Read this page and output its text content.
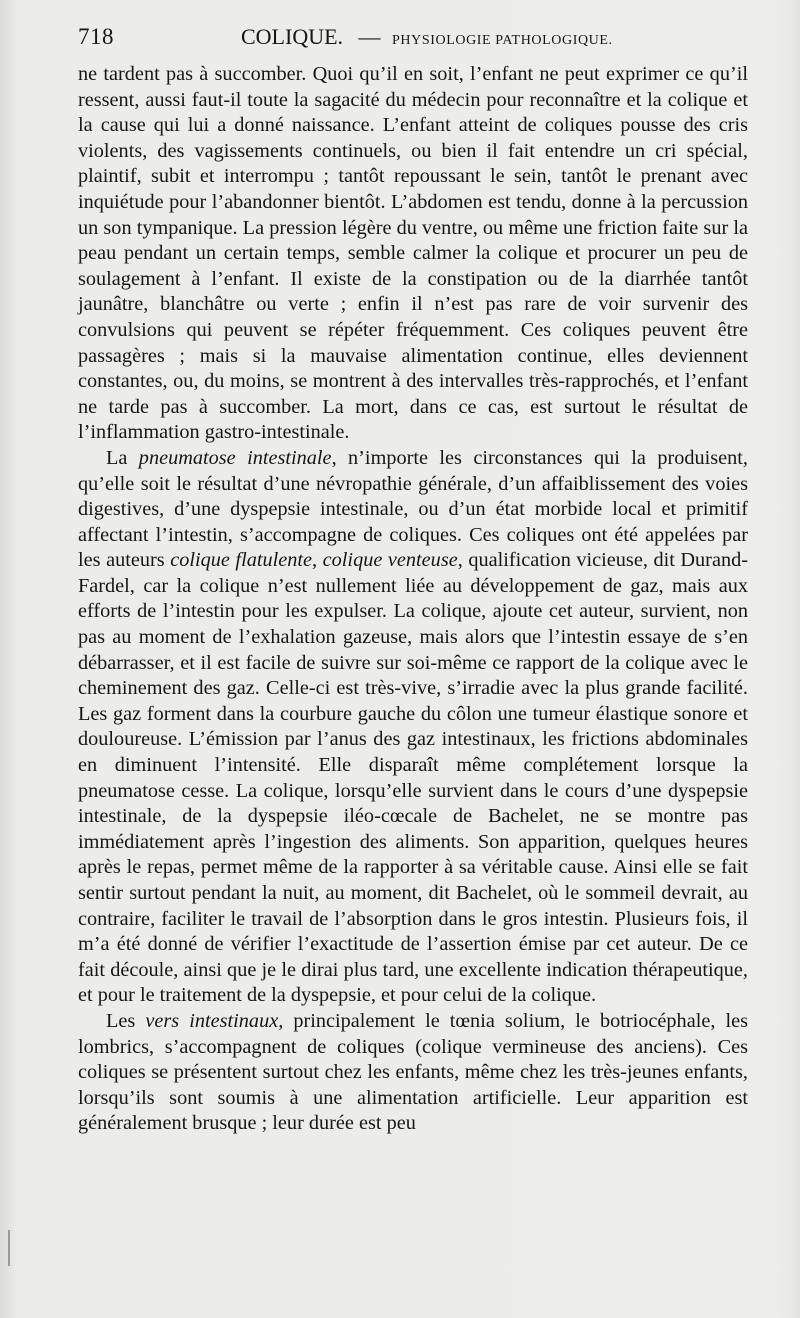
718	COLIQUE. — PHYSIOLOGIE PATHOLOGIQUE.

ne tardent pas à succomber. Quoi qu’il en soit, l’enfant ne peut exprimer ce qu’il ressent, aussi faut-il toute la sagacité du médecin pour reconnaître et la colique et la cause qui lui a donné naissance. L’enfant atteint de coliques pousse des cris violents, des vagissements continuels, ou bien il fait entendre un cri spécial, plaintif, subit et interrompu ; tantôt repoussant le sein, tantôt le prenant avec inquiétude pour l’abandonner bientôt. L’abdomen est tendu, donne à la percussion un son tympanique. La pression légère du ventre, ou même une friction faite sur la peau pendant un certain temps, semble calmer la colique et procurer un peu de soulagement à l’enfant. Il existe de la constipation ou de la diarrhée tantôt jaunâtre, blanchâtre ou verte ; enfin il n’est pas rare de voir survenir des convulsions qui peuvent se répéter fréquemment. Ces coliques peuvent être passagères ; mais si la mauvaise alimentation continue, elles deviennent constantes, ou, du moins, se montrent à des intervalles très-rapprochés, et l’enfant ne tarde pas à succomber. La mort, dans ce cas, est surtout le résultat de l’inflammation gastro-intestinale.

La pneumatose intestinale, n’importe les circonstances qui la produisent, qu’elle soit le résultat d’une névropathie générale, d’un affaiblissement des voies digestives, d’une dyspepsie intestinale, ou d’un état morbide local et primitif affectant l’intestin, s’accompagne de coliques. Ces coliques ont été appelées par les auteurs colique flatulente, colique venteuse, qualification vicieuse, dit Durand-Fardel, car la colique n’est nullement liée au développement de gaz, mais aux efforts de l’intestin pour les expulser. La colique, ajoute cet auteur, survient, non pas au moment de l’exhalation gazeuse, mais alors que l’intestin essaye de s’en débarrasser, et il est facile de suivre sur soi-même ce rapport de la colique avec le cheminement des gaz. Celle-ci est très-vive, s’irradie avec la plus grande facilité. Les gaz forment dans la courbure gauche du côlon une tumeur élastique sonore et douloureuse. L’émission par l’anus des gaz intestinaux, les frictions abdominales en diminuent l’intensité. Elle disparaît même complétement lorsque la pneumatose cesse. La colique, lorsqu’elle survient dans le cours d’une dyspepsie intestinale, de la dyspepsie iléo-cœcale de Bachelet, ne se montre pas immédiatement après l’ingestion des aliments. Son apparition, quelques heures après le repas, permet même de la rapporter à sa véritable cause. Ainsi elle se fait sentir surtout pendant la nuit, au moment, dit Bachelet, où le sommeil devrait, au contraire, faciliter le travail de l’absorption dans le gros intestin. Plusieurs fois, il m’a été donné de vérifier l’exactitude de l’assertion émise par cet auteur. De ce fait découle, ainsi que je le dirai plus tard, une excellente indication thérapeutique, et pour le traitement de la dyspepsie, et pour celui de la colique.

Les vers intestinaux, principalement le tœnia solium, le botriocéphale, les lombrics, s’accompagnent de coliques (colique vermineuse des anciens). Ces coliques se présentent surtout chez les enfants, même chez les très-jeunes enfants, lorsqu’ils sont soumis à une alimentation artificielle. Leur apparition est généralement brusque ; leur durée est peu
